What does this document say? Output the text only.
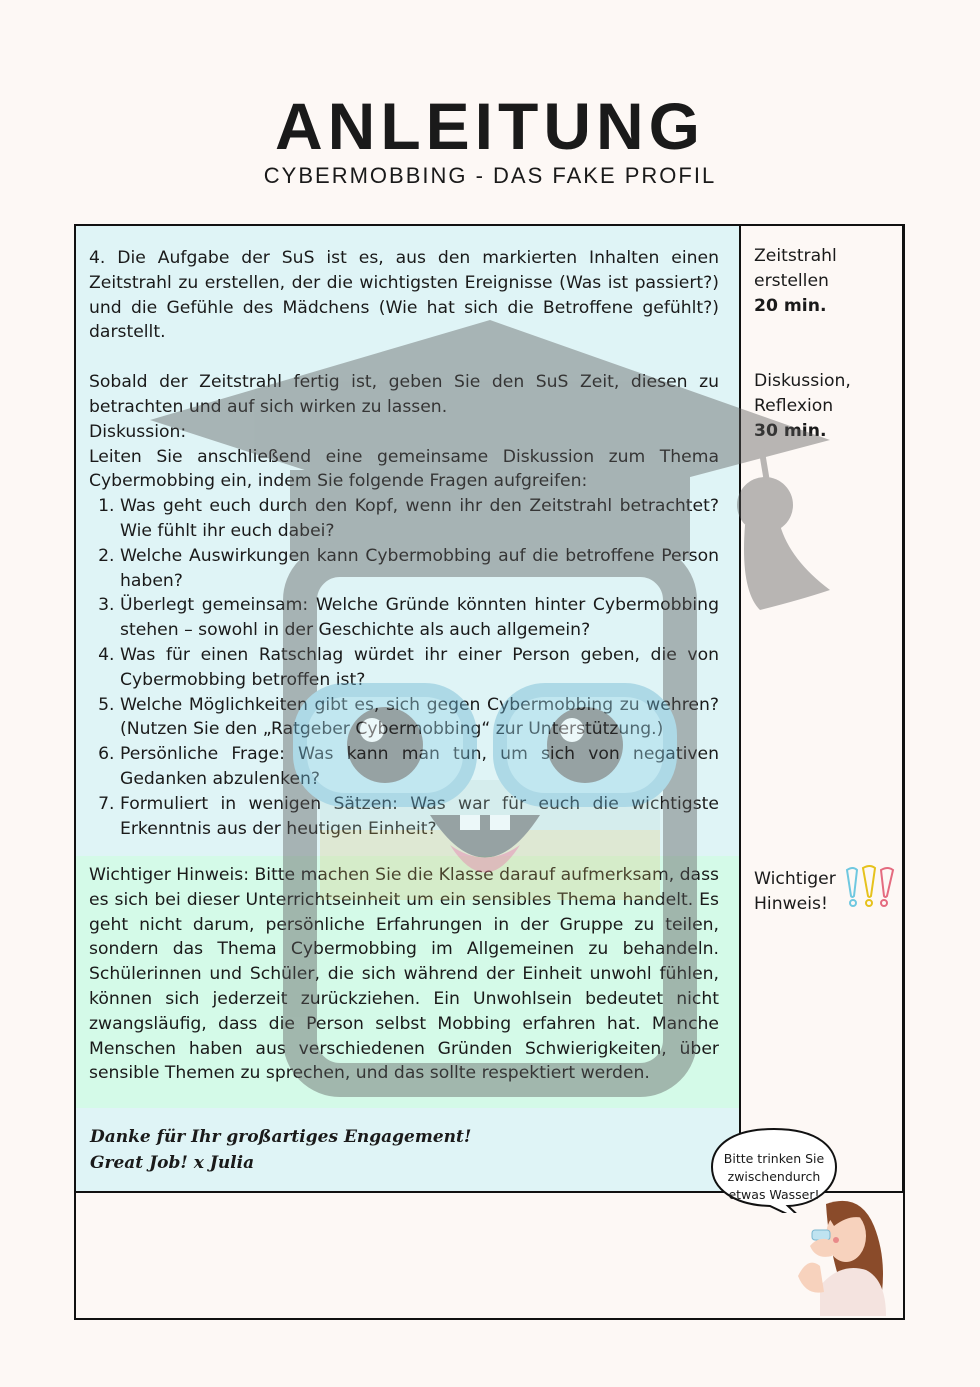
ANLEITUNG
CYBERMOBBING - DAS FAKE PROFIL

4. Die Aufgabe der SuS ist es, aus den markierten Inhalten einen Zeitstrahl zu erstellen, der die wichtigsten Ereignisse (Was ist passiert?) und die Gefühle des Mädchens (Wie hat sich die Betroffene gefühlt?) darstellt.

Sobald der Zeitstrahl fertig ist, geben Sie den SuS Zeit, diesen zu betrachten und auf sich wirken zu lassen.

Diskussion:

Leiten Sie anschließend eine gemeinsame Diskussion zum Thema Cybermobbing ein, indem Sie folgende Fragen aufgreifen:

1. Was geht euch durch den Kopf, wenn ihr den Zeitstrahl betrachtet? Wie fühlt ihr euch dabei?
2. Welche Auswirkungen kann Cybermobbing auf die betroffene Person haben?
3. Überlegt gemeinsam: Welche Gründe könnten hinter Cybermobbing stehen – sowohl in der Geschichte als auch allgemein?
4. Was für einen Ratschlag würdet ihr einer Person geben, die von Cybermobbing betroffen ist?
5. Welche Möglichkeiten gibt es, sich gegen Cybermobbing zu wehren? (Nutzen Sie den „Ratgeber Cybermobbing“ zur Unterstützung.)
6. Persönliche Frage: Was kann man tun, um sich von negativen Gedanken abzulenken?
7. Formuliert in wenigen Sätzen: Was war für euch die wichtigste Erkenntnis aus der heutigen Einheit?
Wichtiger Hinweis: Bitte machen Sie die Klasse darauf aufmerksam, dass es sich bei dieser Unterrichtseinheit um ein sensibles Thema handelt. Es geht nicht darum, persönliche Erfahrungen in der Gruppe zu teilen, sondern das Thema Cybermobbing im Allgemeinen zu behandeln. Schülerinnen und Schüler, die sich während der Einheit unwohl fühlen, können sich jederzeit zurückziehen. Ein Unwohlsein bedeutet nicht zwangsläufig, dass die Person selbst Mobbing erfahren hat. Manche Menschen haben aus verschiedenen Gründen Schwierigkeiten, über sensible Themen zu sprechen, und das sollte respektiert werden.
Danke für Ihr großartiges Engagement!
Great Job! x Julia
Zeitstrahl
erstellen
20 min.
Diskussion,
Reflexion
30 min.
Wichtiger
Hinweis!
Bitte trinken Sie
zwischendurch
etwas Wasser!
